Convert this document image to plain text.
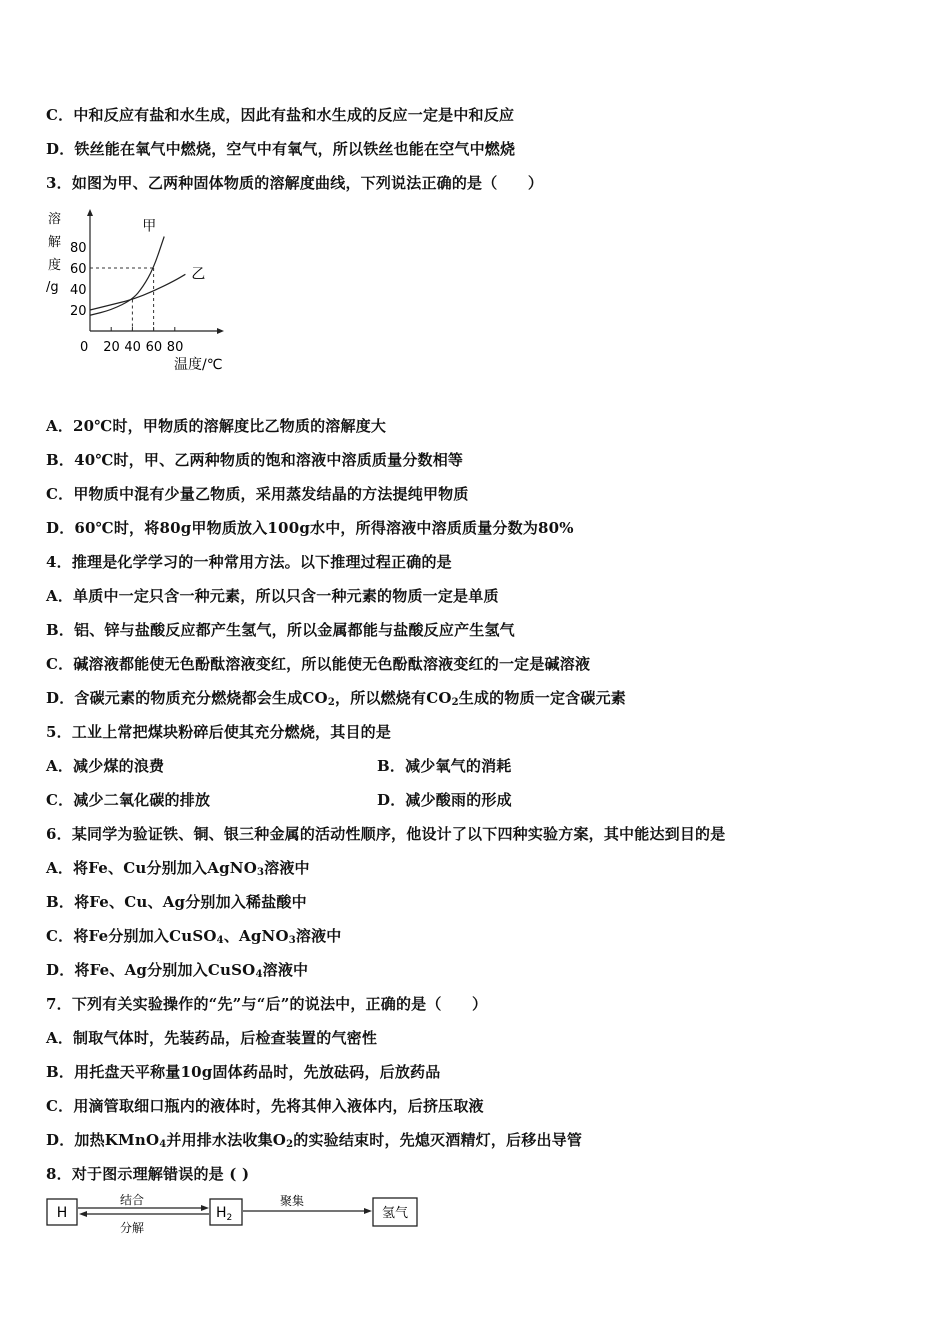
C．中和反应有盐和水生成，因此有盐和水生成的反应一定是中和反应
D．铁丝能在氧气中燃烧，空气中有氧气，所以铁丝也能在空气中燃烧
3．如图为甲、乙两种固体物质的溶解度曲线，下列说法正确的是（　　）
溶
解
度
/g
80
60
40
20
0 20 40 60 80
甲
乙
温度/℃
A．20℃时，甲物质的溶解度比乙物质的溶解度大
B．40℃时，甲、乙两种物质的饱和溶液中溶质质量分数相等
C．甲物质中混有少量乙物质，采用蒸发结晶的方法提纯甲物质
D．60℃时，将80g甲物质放入100g水中，所得溶液中溶质质量分数为80%
4．推理是化学学习的一种常用方法。以下推理过程正确的是
A．单质中一定只含一种元素，所以只含一种元素的物质一定是单质
B．铝、锌与盐酸反应都产生氢气，所以金属都能与盐酸反应产生氢气
C．碱溶液都能使无色酚酞溶液变红，所以能使无色酚酞溶液变红的一定是碱溶液
D．含碳元素的物质充分燃烧都会生成$CO_2$，所以燃烧有$CO_2$生成的物质一定含碳元素
5．工业上常把煤块粉碎后使其充分燃烧，其目的是
A．减少煤的浪费	B．减少氧气的消耗
C．减少二氧化碳的排放	D．减少酸雨的形成
6．某同学为验证铁、铜、银三种金属的活动性顺序，他设计了以下四种实验方案，其中能达到目的是
A．将Fe、Cu分别加入AgNO$_3$溶液中
B．将Fe、Cu、Ag分别加入稀盐酸中
C．将Fe分别加入CuSO$_4$、AgNO$_3$溶液中
D．将Fe、Ag分别加入CuSO$_4$溶液中
7．下列有关实验操作的“先”与“后”的说法中，正确的是（　　）
A．制取气体时，先装药品，后检查装置的气密性
B．用托盘天平称量10g固体药品时，先放砝码，后放药品
C．用滴管取细口瓶内的液体时，先将其伸入液体内，后挤压取液
D．加热KMnO$_4$并用排水法收集$O_2$的实验结束时，先熄灭酒精灯，后移出导管
8．对于图示理解错误的是 ( )
H
结合
分解
$H_2$
聚集
氢气
